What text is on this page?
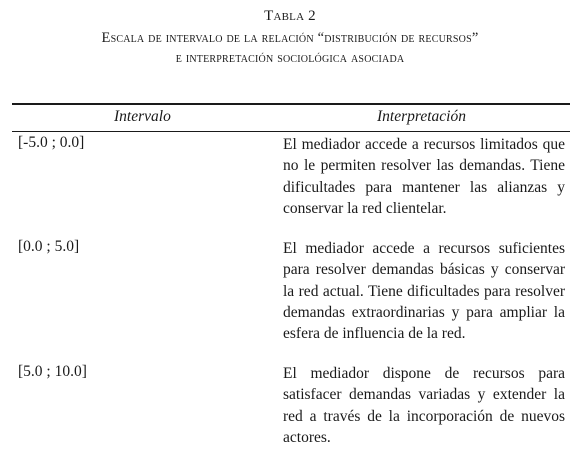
Tabla 2
Escala de intervalo de la relación “distribución de recursos”
e interpretación sociológica asociada
Intervalo	Interpretación
[-5.0 ; 0.0]	El mediador accede a recursos limitados que no le permiten resolver las demandas. Tiene dificultades para mantener las alianzas y conservar la red clientelar.
[0.0 ; 5.0]	El mediador accede a recursos suficientes para resolver demandas básicas y conservar la red actual. Tiene dificultades para resolver demandas extraordinarias y para ampliar la esfera de influencia de la red.
[5.0 ; 10.0]	El mediador dispone de recursos para satisfacer demandas variadas y extender la red a través de la incorporación de nuevos actores.
